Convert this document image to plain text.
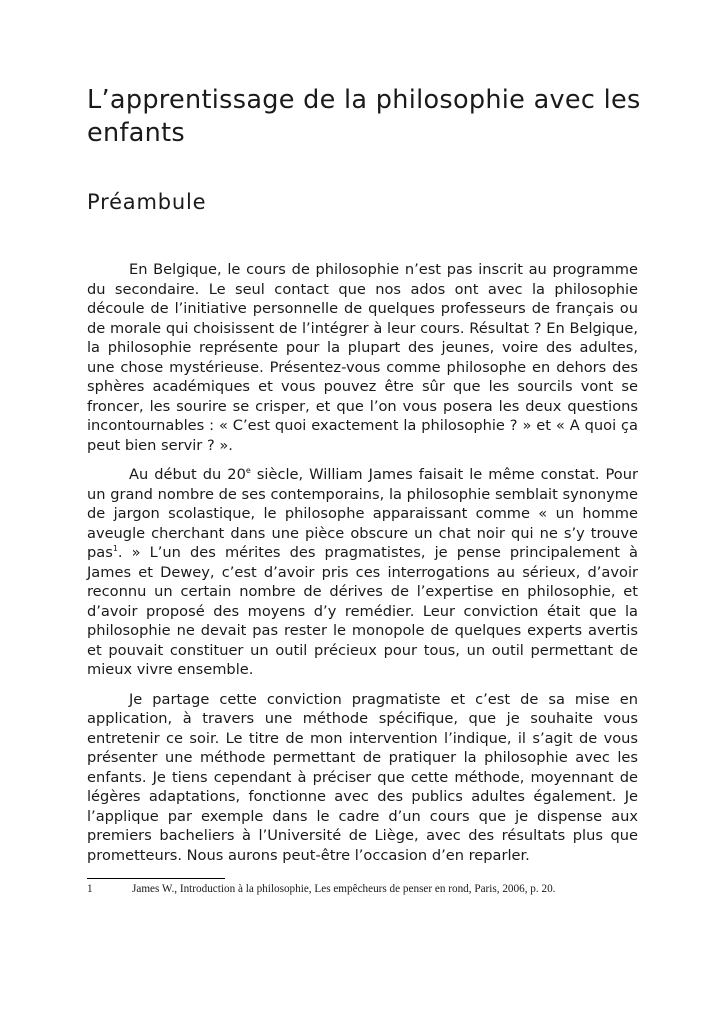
L’apprentissage de la philosophie avec les enfants
Préambule

En Belgique, le cours de philosophie n’est pas inscrit au programme du secondaire. Le seul contact que nos ados ont avec la philosophie découle de l’initiative personnelle de quelques professeurs de français ou de morale qui choisissent de l’intégrer à leur cours. Résultat ? En Belgique, la philosophie représente pour la plupart des jeunes, voire des adultes, une chose mystérieuse. Présentez-vous comme philosophe en dehors des sphères académiques et vous pouvez être sûr que les sourcils vont se froncer, les sourire se crisper, et que l’on vous posera les deux questions incontournables : « C’est quoi exactement la philosophie ? » et « A quoi ça peut bien servir ? ».

Au début du 20e siècle, William James faisait le même constat. Pour un grand nombre de ses contemporains, la philosophie semblait synonyme de jargon scolastique, le philosophe apparaissant comme « un homme aveugle cherchant dans une pièce obscure un chat noir qui ne s’y trouve pas$^1$. » L’un des mérites des pragmatistes, je pense principalement à James et Dewey, c’est d’avoir pris ces interrogations au sérieux, d’avoir reconnu un certain nombre de dérives de l’expertise en philosophie, et d’avoir proposé des moyens d’y remédier. Leur conviction était que la philosophie ne devait pas rester le monopole de quelques experts avertis et pouvait constituer un outil précieux pour tous, un outil permettant de mieux vivre ensemble.

Je partage cette conviction pragmatiste et c’est de sa mise en application, à travers une méthode spécifique, que je souhaite vous entretenir ce soir. Le titre de mon intervention l’indique, il s’agit de vous présenter une méthode permettant de pratiquer la philosophie avec les enfants. Je tiens cependant à préciser que cette méthode, moyennant de légères adaptations, fonctionne avec des publics adultes également. Je l’applique par exemple dans le cadre d’un cours que je dispense aux premiers bacheliers à l’Université de Liège, avec des résultats plus que prometteurs. Nous aurons peut-être l’occasion d’en reparler.

1	James W., Introduction à la philosophie, Les empêcheurs de penser en rond, Paris, 2006, p. 20.
